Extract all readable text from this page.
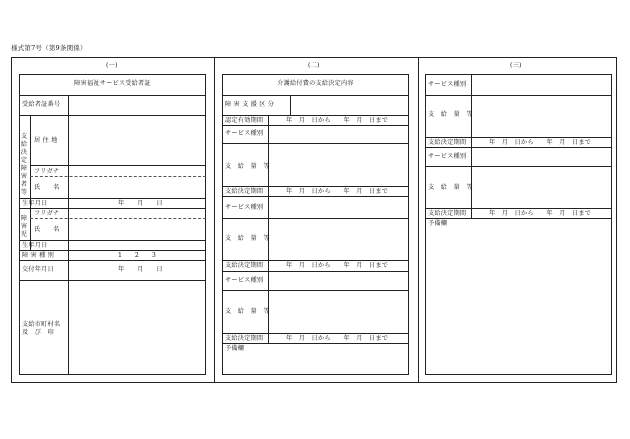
様式第7号（第9条関係）
(一)	(二)	(三)
障害福祉サービス受給者証
受給者証番号
支給決定障害者等
居 住 地
フリガナ
氏　　名
生年月日	年　　月　　日
障害児
フリガナ
氏　　名
生年月日
障 害 種 別	1　　2　　3
交付年月日	年　　月　　日
支給市町村名
及　び　印
介護給付費の支給決定内容
障 害 支 援 区 分
認定有効期間	年　月　日から　　年　月　日まで
サービス種別
支　給　量　等
支給決定期間	年　月　日から　　年　月　日まで
サービス種別
支　給　量　等
支給決定期間	年　月　日から　　年　月　日まで
サービス種別
支　給　量　等
支給決定期間	年　月　日から　　年　月　日まで
予備欄
サービス種別
支　給　量　等
支給決定期間	年　月　日から　　年　月　日まで
サービス種別
支　給　量　等
支給決定期間	年　月　日から　　年　月　日まで
予備欄
